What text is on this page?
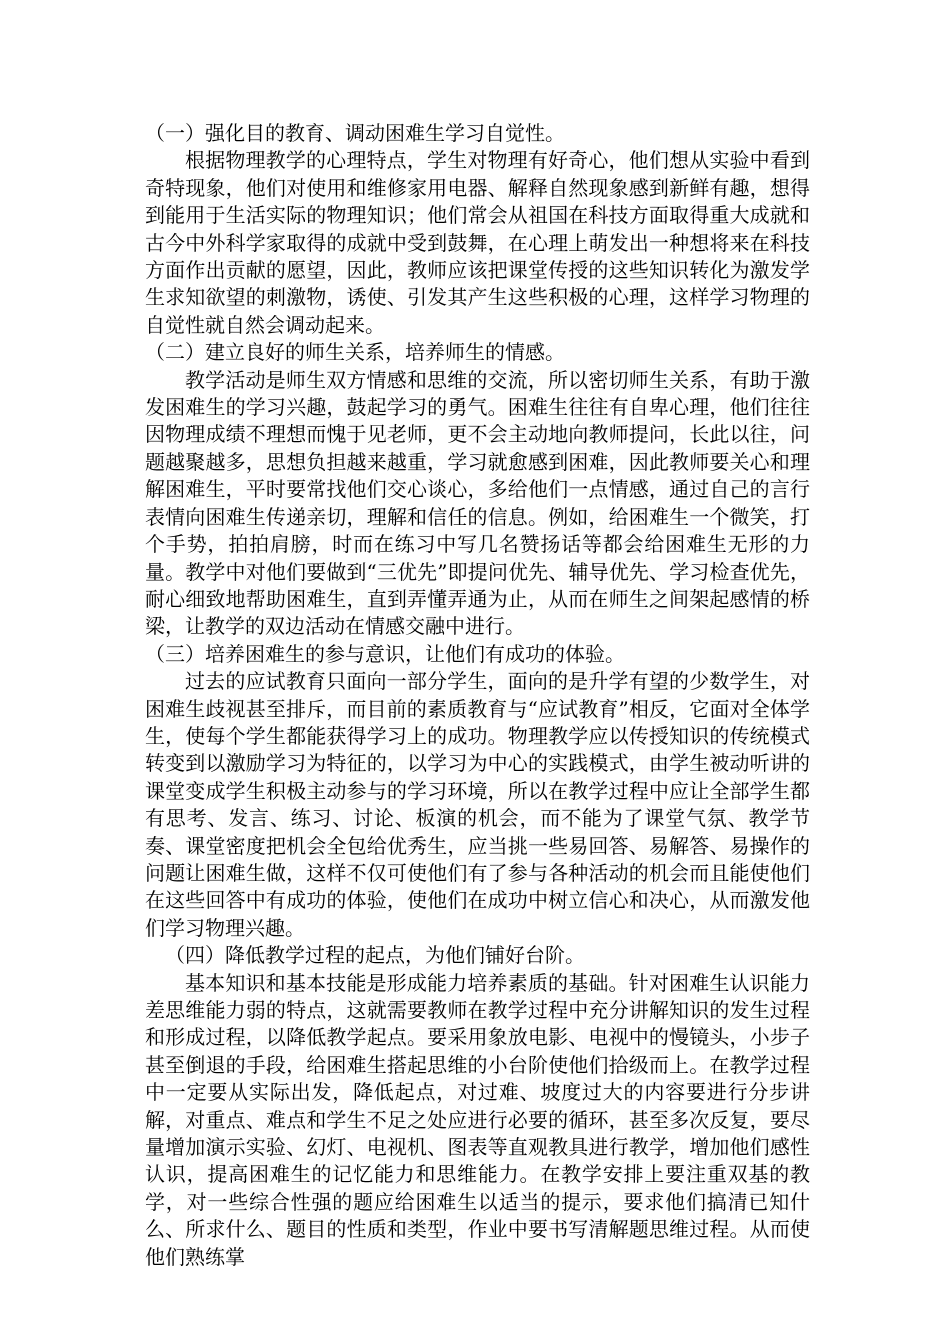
（一）强化目的教育、调动困难生学习自觉性。

根据物理教学的心理特点，学生对物理有好奇心，他们想从实验中看到奇特现象，他们对使用和维修家用电器、解释自然现象感到新鲜有趣，想得到能用于生活实际的物理知识；他们常会从祖国在科技方面取得重大成就和古今中外科学家取得的成就中受到鼓舞，在心理上萌发出一种想将来在科技方面作出贡献的愿望，因此，教师应该把课堂传授的这些知识转化为激发学生求知欲望的刺激物，诱使、引发其产生这些积极的心理，这样学习物理的自觉性就自然会调动起来。

（二）建立良好的师生关系，培养师生的情感。

教学活动是师生双方情感和思维的交流，所以密切师生关系，有助于激发困难生的学习兴趣，鼓起学习的勇气。困难生往往有自卑心理，他们往往因物理成绩不理想而愧于见老师，更不会主动地向教师提问，长此以往，问题越聚越多，思想负担越来越重，学习就愈感到困难，因此教师要关心和理解困难生，平时要常找他们交心谈心，多给他们一点情感，通过自己的言行表情向困难生传递亲切，理解和信任的信息。例如，给困难生一个微笑，打个手势，拍拍肩膀，时而在练习中写几名赞扬话等都会给困难生无形的力量。教学中对他们要做到“三优先”即提问优先、辅导优先、学习检查优先，耐心细致地帮助困难生，直到弄懂弄通为止，从而在师生之间架起感情的桥梁，让教学的双边活动在情感交融中进行。

（三）培养困难生的参与意识，让他们有成功的体验。

过去的应试教育只面向一部分学生，面向的是升学有望的少数学生，对困难生歧视甚至排斥，而目前的素质教育与“应试教育”相反，它面对全体学生，使每个学生都能获得学习上的成功。物理教学应以传授知识的传统模式转变到以激励学习为特征的，以学习为中心的实践模式，由学生被动听讲的课堂变成学生积极主动参与的学习环境，所以在教学过程中应让全部学生都有思考、发言、练习、讨论、板演的机会，而不能为了课堂气氛、教学节奏、课堂密度把机会全包给优秀生，应当挑一些易回答、易解答、易操作的问题让困难生做，这样不仅可使他们有了参与各种活动的机会而且能使他们在这些回答中有成功的体验，使他们在成功中树立信心和决心，从而激发他们学习物理兴趣。

（四）降低教学过程的起点，为他们铺好台阶。

基本知识和基本技能是形成能力培养素质的基础。针对困难生认识能力差思维能力弱的特点，这就需要教师在教学过程中充分讲解知识的发生过程和形成过程，以降低教学起点。要采用象放电影、电视中的慢镜头，小步子甚至倒退的手段，给困难生搭起思维的小台阶使他们拾级而上。在教学过程中一定要从实际出发，降低起点，对过难、坡度过大的内容要进行分步讲解，对重点、难点和学生不足之处应进行必要的循环，甚至多次反复，要尽量增加演示实验、幻灯、电视机、图表等直观教具进行教学，增加他们感性认识，提高困难生的记忆能力和思维能力。在教学安排上要注重双基的教学，对一些综合性强的题应给困难生以适当的提示，要求他们搞清已知什么、所求什么、题目的性质和类型，作业中要书写清解题思维过程。从而使他们熟练掌
